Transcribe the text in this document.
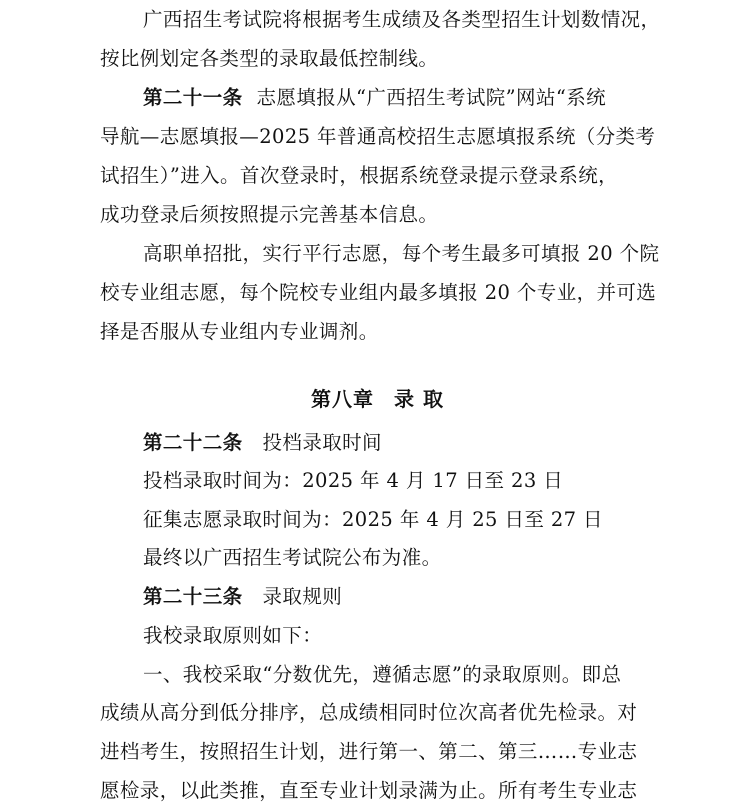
广西招生考试院将根据考生成绩及各类型招生计划数情况，
按比例划定各类型的录取最低控制线。
第二十一条 志愿填报从“广西招生考试院”网站“系统
导航—志愿填报—2025 年普通高校招生志愿填报系统（分类考
试招生）”进入。首次登录时，根据系统登录提示登录系统，
成功登录后须按照提示完善基本信息。
高职单招批，实行平行志愿，每个考生最多可填报 20 个院
校专业组志愿，每个院校专业组内最多填报 20 个专业，并可选
择是否服从专业组内专业调剂。
第八章 录 取
第二十二条 投档录取时间
投档录取时间为：2025 年 4 月 17 日至 23 日
征集志愿录取时间为：2025 年 4 月 25 日至 27 日
最终以广西招生考试院公布为准。
第二十三条 录取规则
我校录取原则如下：
一、我校采取“分数优先，遵循志愿”的录取原则。即总
成绩从高分到低分排序，总成绩相同时位次高者优先检录。对
进档考生，按照招生计划，进行第一、第二、第三……专业志
愿检录，以此类推，直至专业计划录满为止。所有考生专业志
